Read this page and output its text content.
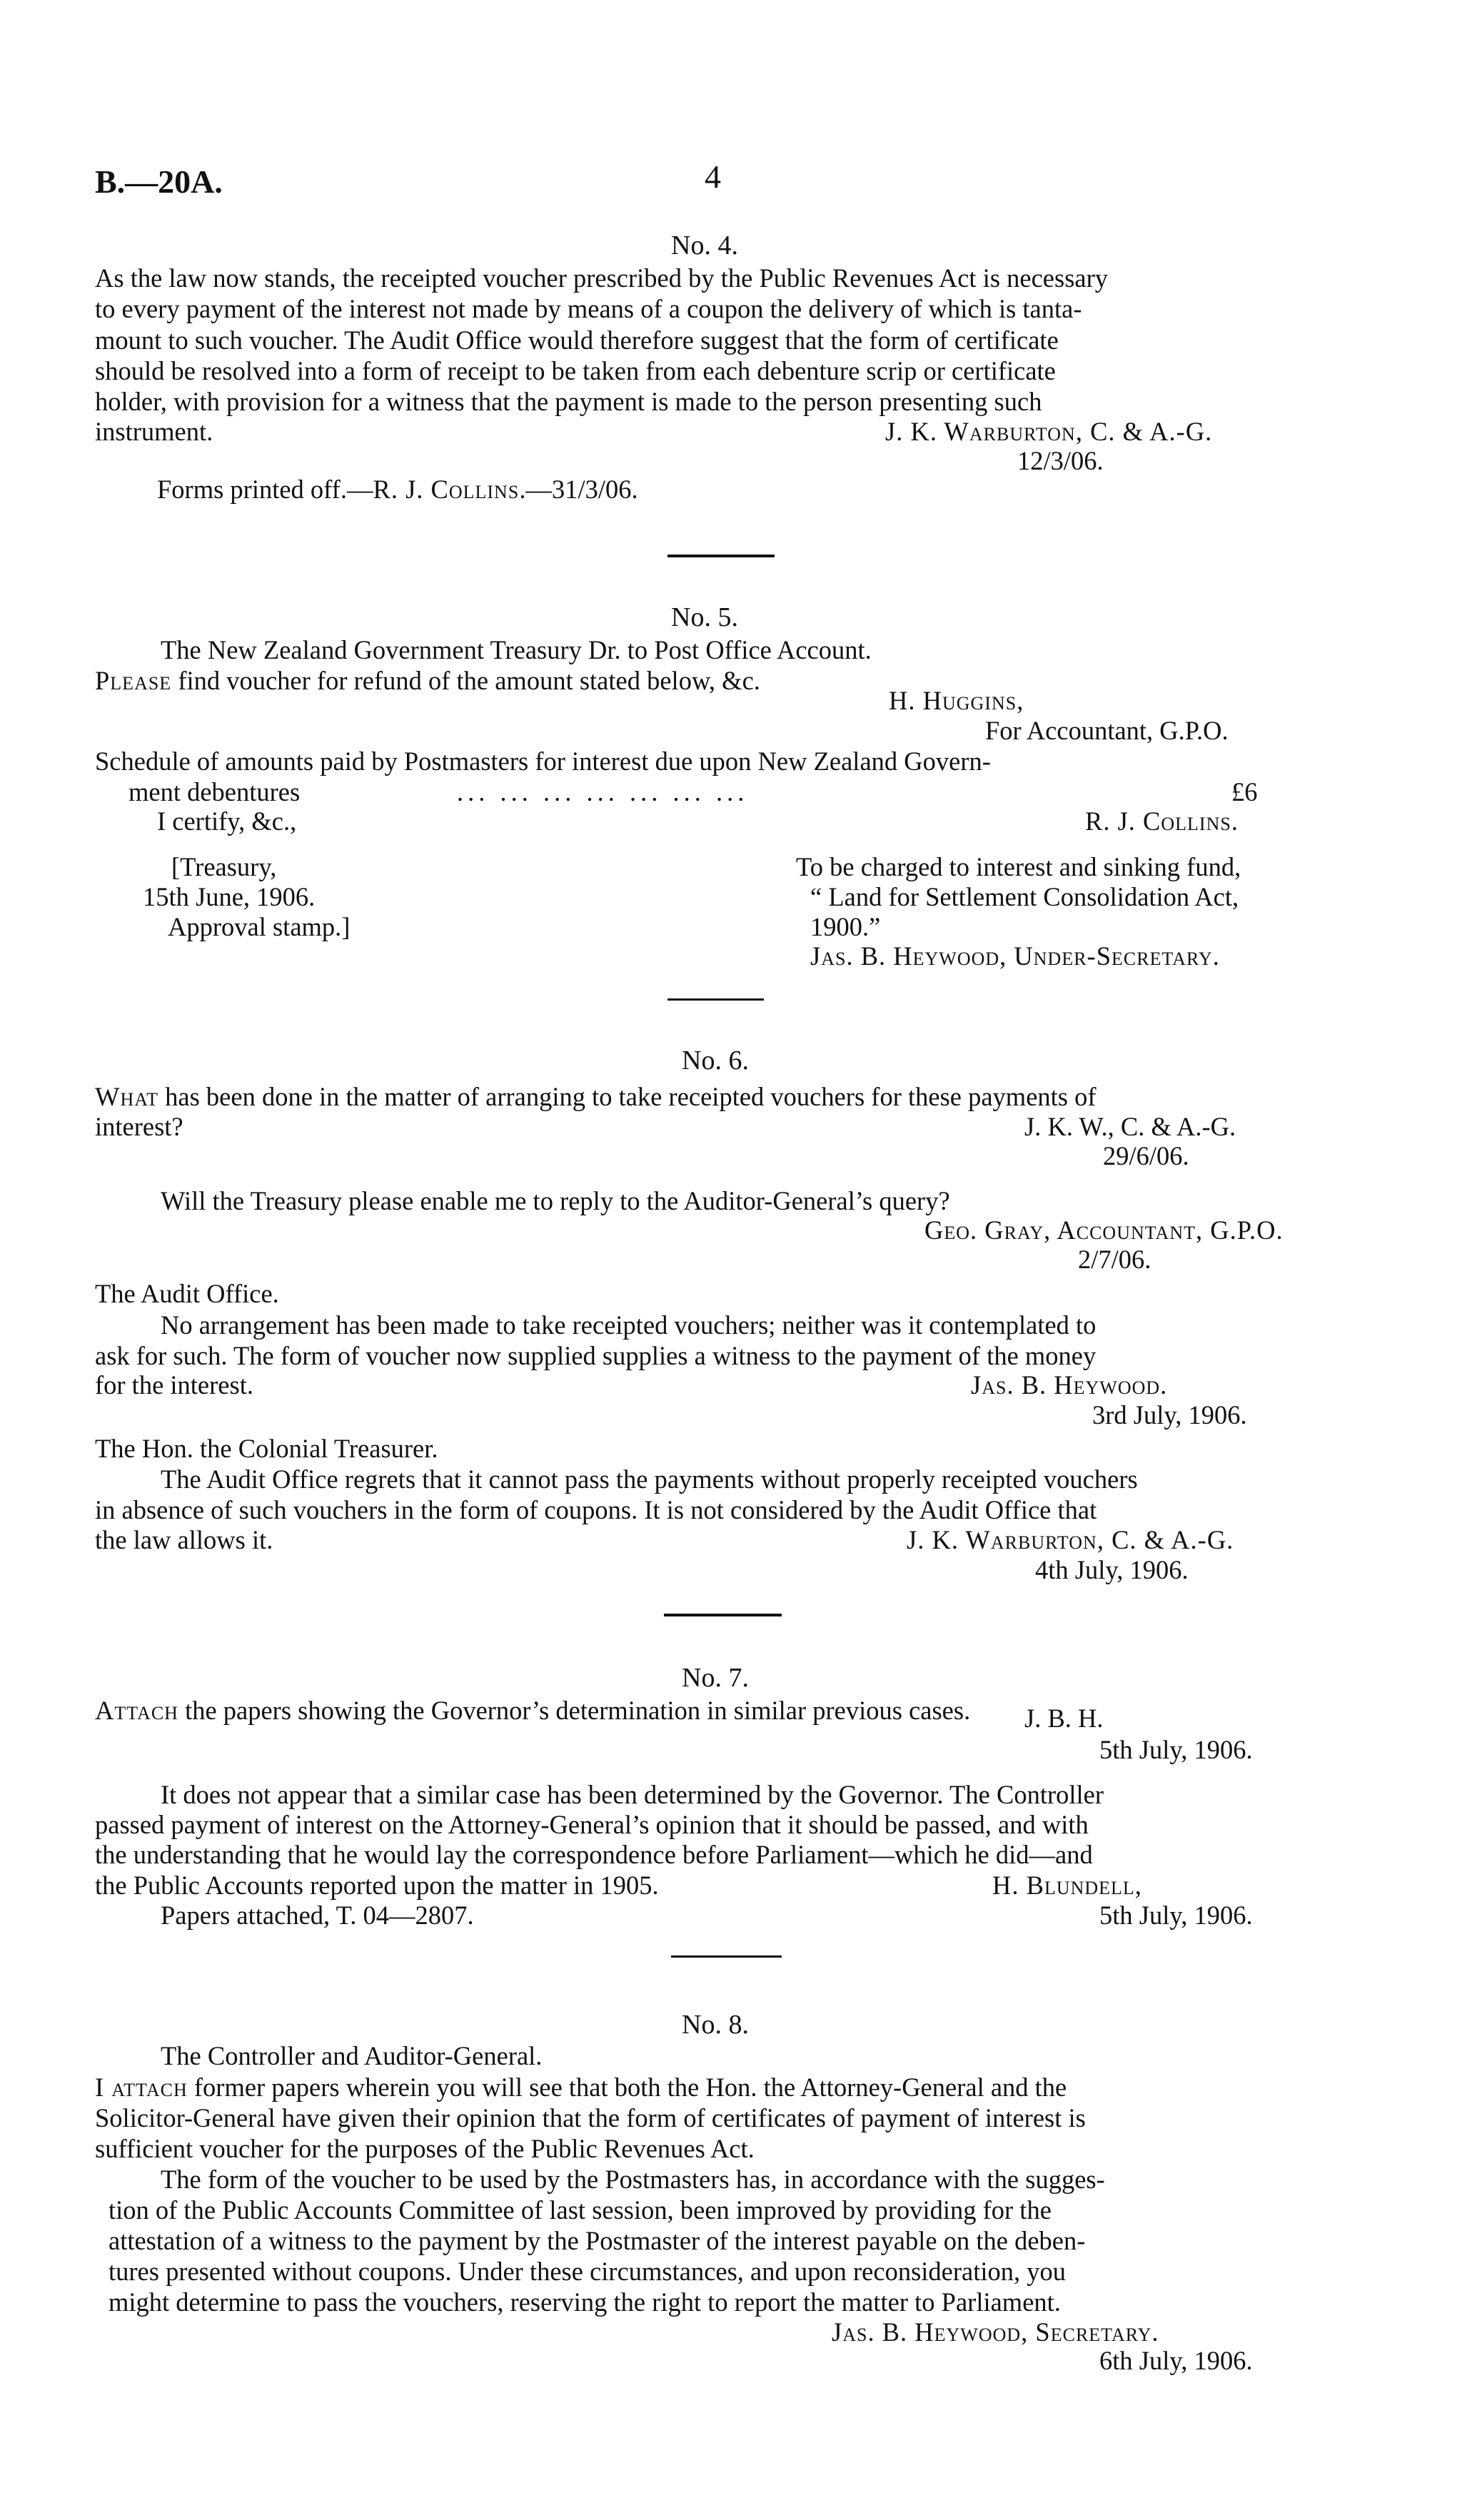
B.—20A.	4
No. 4.
As the law now stands, the receipted voucher prescribed by the Public Revenues Act is necessary
to every payment of the interest not made by means of a coupon the delivery of which is tanta-
mount to such voucher. The Audit Office would therefore suggest that the form of certificate
should be resolved into a form of receipt to be taken from each debenture scrip or certificate
holder, with provision for a witness that the payment is made to the person presenting such
instrument.	J. K. Warburton, C. & A.-G.
12/3/06.
Forms printed off.—R. J. Collins.—31/3/06.
No. 5.
The New Zealand Government Treasury Dr. to Post Office Account.
Please find voucher for refund of the amount stated below, &c.
H. Huggins,
For Accountant, G.P.O.
Schedule of amounts paid by Postmasters for interest due upon New Zealand Govern-
ment debentures	... ... ... ... ... ... ...	£6
I certify, &c.,	R. J. Collins.
[Treasury,
15th June, 1906.
Approval stamp.]
To be charged to interest and sinking fund,
“ Land for Settlement Consolidation Act,
1900.”
Jas. B. Heywood, Under-Secretary.
No. 6.
What has been done in the matter of arranging to take receipted vouchers for these payments of
interest?	J. K. W., C. & A.-G.
29/6/06.
Will the Treasury please enable me to reply to the Auditor-General’s query?
Geo. Gray, Accountant, G.P.O.
2/7/06.
The Audit Office.
No arrangement has been made to take receipted vouchers; neither was it contemplated to
ask for such. The form of voucher now supplied supplies a witness to the payment of the money
for the interest.	Jas. B. Heywood.
3rd July, 1906.
The Hon. the Colonial Treasurer.
The Audit Office regrets that it cannot pass the payments without properly receipted vouchers
in absence of such vouchers in the form of coupons. It is not considered by the Audit Office that
the law allows it.	J. K. Warburton, C. & A.-G.
4th July, 1906.
No. 7.
Attach the papers showing the Governor’s determination in similar previous cases. J. B. H.
5th July, 1906.
It does not appear that a similar case has been determined by the Governor. The Controller
passed payment of interest on the Attorney-General’s opinion that it should be passed, and with
the understanding that he would lay the correspondence before Parliament—which he did—and
the Public Accounts reported upon the matter in 1905.	H. Blundell,
Papers attached, T. 04—2807.	5th July, 1906.
No. 8.
The Controller and Auditor-General.
I attach former papers wherein you will see that both the Hon. the Attorney-General and the
Solicitor-General have given their opinion that the form of certificates of payment of interest is
sufficient voucher for the purposes of the Public Revenues Act.
The form of the voucher to be used by the Postmasters has, in accordance with the sugges-
tion of the Public Accounts Committee of last session, been improved by providing for the
attestation of a witness to the payment by the Postmaster of the interest payable on the deben-
tures presented without coupons. Under these circumstances, and upon reconsideration, you
might determine to pass the vouchers, reserving the right to report the matter to Parliament.
Jas. B. Heywood, Secretary.
6th July, 1906.
